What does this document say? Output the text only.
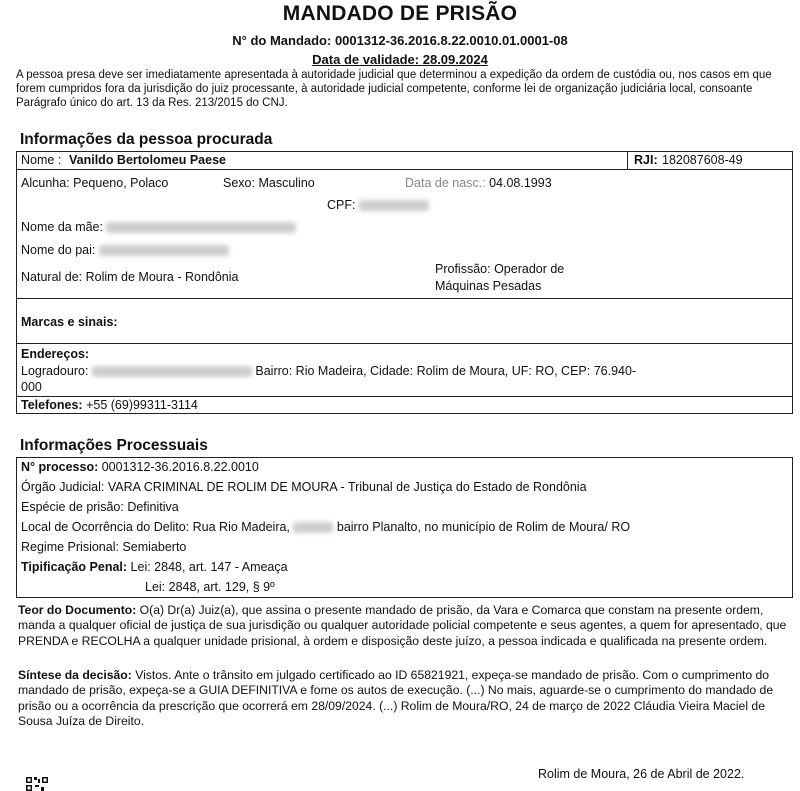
MANDADO DE PRISÃO
N° do Mandado: 0001312-36.2016.8.22.0010.01.0001-08
Data de validade: 28.09.2024
A pessoa presa deve ser imediatamente apresentada à autoridade judicial que determinou a expedição da ordem de custódia ou, nos casos em que forem cumpridos fora da jurisdição do juiz processante, à autoridade judicial competente, conforme lei de organização judiciária local, consoante Parágrafo único do art. 13 da Res. 213/2015 do CNJ.
Informações da pessoa procurada
Nome : Vanildo Bertolomeu Paese	RJI: 182087608-49
Alcunha: Pequeno, Polaco	Sexo: Masculino	Data de nasc.: 04.08.1993
CPF:
Nome da mãe:
Nome do pai:
Natural de: Rolim de Moura - Rondônia
Profissão: Operador de
Máquinas Pesadas
Marcas e sinais:
Endereços:
Logradouro:	Bairro: Rio Madeira, Cidade: Rolim de Moura, UF: RO, CEP: 76.940-
000
Telefones: +55 (69)99311-3114
Informações Processuais
N° processo: 0001312-36.2016.8.22.0010
Órgão Judicial: VARA CRIMINAL DE ROLIM DE MOURA - Tribunal de Justiça do Estado de Rondônia
Espécie de prisão: Definitiva
Local de Ocorrência do Delito: Rua Rio Madeira,	bairro Planalto, no município de Rolim de Moura/ RO
Regime Prisional: Semiaberto
Tipificação Penal: Lei: 2848, art. 147 - Ameaça
Lei: 2848, art. 129, § 9º
Teor do Documento: O(a) Dr(a) Juiz(a), que assina o presente mandado de prisão, da Vara e Comarca que constam na presente ordem, manda a qualquer oficial de justiça de sua jurisdição ou qualquer autoridade policial competente e seus agentes, a quem for apresentado, que PRENDA e RECOLHA a qualquer unidade prisional, à ordem e disposição deste juízo, a pessoa indicada e qualificada na presente ordem.
Síntese da decisão: Vistos. Ante o trânsito em julgado certificado ao ID 65821921, expeça-se mandado de prisão. Com o cumprimento do mandado de prisão, expeça-se a GUIA DEFINITIVA e fome os autos de execução. (...) No mais, aguarde-se o cumprimento do mandado de prisão ou a ocorrência da prescrição que ocorrerá em 28/09/2024. (...) Rolim de Moura/RO, 24 de março de 2022 Cláudia Vieira Maciel de Sousa Juíza de Direito.
Rolim de Moura, 26 de Abril de 2022.
